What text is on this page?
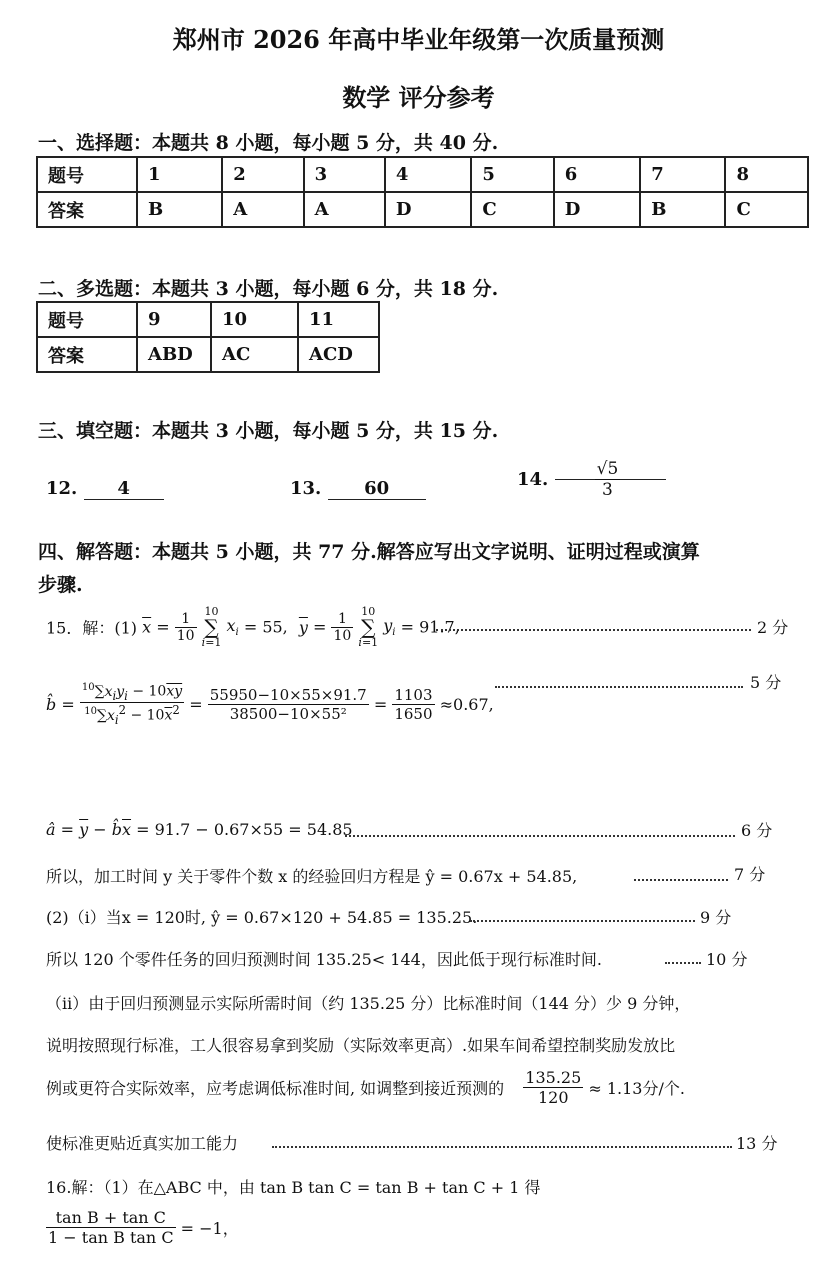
郑州市 2026 年高中毕业年级第一次质量预测
数学 评分参考
一、选择题：本题共 8 小题，每小题 5 分，共 40 分.
题号	1	2	3	4	5	6	7	8
答案	B	A	A	D	C	D	B	C
二、多选题：本题共 3 小题，每小题 6 分，共 18 分.
题号	9	10	11
答案	ABD	AC	ACD
三、填空题：本题共 3 小题，每小题 5 分，共 15 分.
12. 4	13. 60	14.	$\frac{√5}{3}$
四、解答题：本题共 5 小题，共 77 分.解答应写出文字说明、证明过程或演算
步骤.
15．解：(1) $\overline{x} = \frac{1}{10}$
10
∑
i=1
$x_i = 55$, $\overline{y} = \frac{1}{10}$
10
∑
i=1
$y_i = 91.7$,	2 分
5 分
b̂ = $\frac{^{10}\sum x_iy_i - 10\overline{xy}}{^{10}\sum x_i^2 - 10\overline{x}^2} = \frac{55950-10\times 55\times 91.7}{\text{38500−10×55²}} = \frac{1103}{1650} \approx 0.67$,
â = $\overline{y}$ − $b̂\overline{x} = 91.7 - 0.67\times 55 = 54.85$	6 分
所以，加工时间 y 关于零件个数 x 的经验回归方程是 ŷ = 0.67x + 54.85,	7 分
(2)（i）当x = 120时, ŷ = 0.67×120 + 54.85 = 135.25.	9 分
所以 120 个零件任务的回归预测时间 135.25< 144，因此低于现行标准时间.	10 分
（ii）由于回归预测显示实际所需时间（约 135.25 分）比标准时间（144 分）少 9 分钟，
说明按照现行标准，工人很容易拿到奖励（实际效率更高）.如果车间希望控制奖励发放比
例或更符合实际效率，应考虑调低标准时间, 如调整到接近预测的 $\frac{135.25}{120} \approx 1.13$分/个.
使标准更贴近真实加工能力	13 分
16.解：（1）在△ABC 中，由 tan B tan C = tan B + tan C + 1 得
$\frac{\text{tan B + tan C}}{\text{1 − tan B tan C}} = -1$，
